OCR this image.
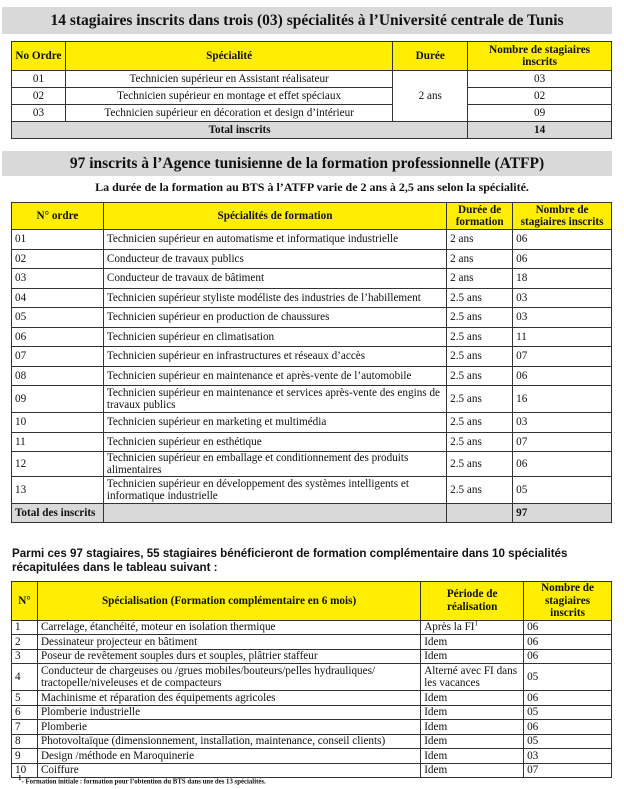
14 stagiaires inscrits dans trois (03) spécialités à l’Université centrale de Tunis
No Ordre	Spécialité	Durée	Nombre de stagiaires inscrits
01	Technicien supérieur en Assistant réalisateur	2 ans	03
02	Technicien supérieur en montage et effet spéciaux		02
03	Technicien supérieur en décoration et design d’intérieur		09
Total inscrits			14
97 inscrits à l’Agence tunisienne de la formation professionnelle (ATFP)
La durée de la formation au BTS à l’ATFP varie de 2 ans à 2,5 ans selon la spécialité.
N° ordre	Spécialités de formation	Durée de formation	Nombre de stagiaires inscrits
01	Technicien supérieur en automatisme et informatique industrielle	2 ans	06
02	Conducteur de travaux publics	2 ans	06
03	Conducteur de travaux de bâtiment	2 ans	18
04	Technicien supérieur styliste modéliste des industries de l’habillement	2.5 ans	03
05	Technicien supérieur en production de chaussures	2.5 ans	03
06	Technicien supérieur en climatisation	2.5 ans	11
07	Technicien supérieur en infrastructures et réseaux d’accès	2.5 ans	07
08	Technicien supérieur en maintenance et après-vente de l’automobile	2.5 ans	06
09	Technicien supérieur en maintenance et services après-vente des engins de travaux publics	2.5 ans	16
10	Technicien supérieur en marketing et multimédia	2.5 ans	03
11	Technicien supérieur en esthétique	2.5 ans	07
12	Technicien supérieur en emballage et conditionnement des produits alimentaires	2.5 ans	06
13	Technicien supérieur en développement des systèmes intelligents et informatique industrielle	2.5 ans	05
Total des inscrits			97
Parmi ces 97 stagiaires, 55 stagiaires bénéficieront de formation complémentaire dans 10 spécialités récapitulées dans le tableau suivant :
N°	Spécialisation (Formation complémentaire en 6 mois)	Période de réalisation	Nombre de stagiaires inscrits
1	Carrelage, étanchéité, moteur en isolation thermique	Après la $FI^1$	06
2	Dessinateur projecteur en bâtiment	Idem	06
3	Poseur de revêtement souples durs et souples, plâtrier staffeur	Idem	06
4	Conducteur de chargeuses ou /grues mobiles/bouteurs/pelles hydrauliques/ tractopelle/niveleuses et de compacteurs	Alterné avec FI dans les vacances	05
5	Machinisme et réparation des équipements agricoles	Idem	06
6	Plomberie industrielle	Idem	05
7	Plomberie	Idem	06
8	Photovoltaïque (dimensionnement, installation, maintenance, conseil clients)	Idem	05
9	Design /méthode en Maroquinerie	Idem	03
10	Coiffure	Idem	07
$^1$- Formation initiale : formation pour l’obtention du BTS dans une des 13 spécialités.
